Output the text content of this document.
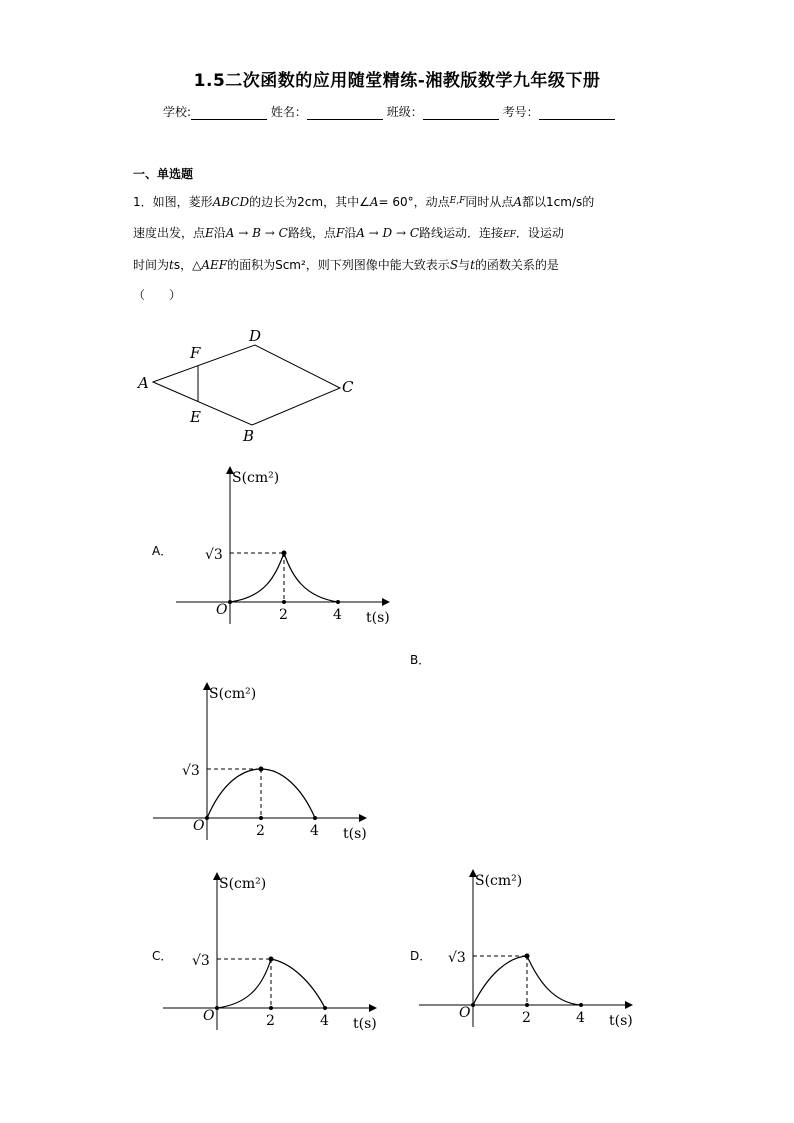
1.5二次函数的应用随堂精练-湘教版数学九年级下册
学校:	姓名：	班级：	考号：
一、单选题
1．如图，菱形ABCD的边长为2cm，其中∠A= 60°，动点$^{E,F}$同时从点A都以1cm/s的
速度出发，点E沿A → B → C路线，点F沿A → D → C路线运动．连接EF．设运动
时间为ts，△AEF的面积为Scm²，则下列图像中能大致表示S与t的函数关系的是
（　　）
A
D
C
B
F
E
A．
S(cm²)
√3
O	2	4 t(s)
B．
S(cm²)
√3
O	2	4 t(s)
C．
S(cm²)
√3
O	2	4 t(s)
D．
S(cm²)
√3
O	2	4 t(s)
